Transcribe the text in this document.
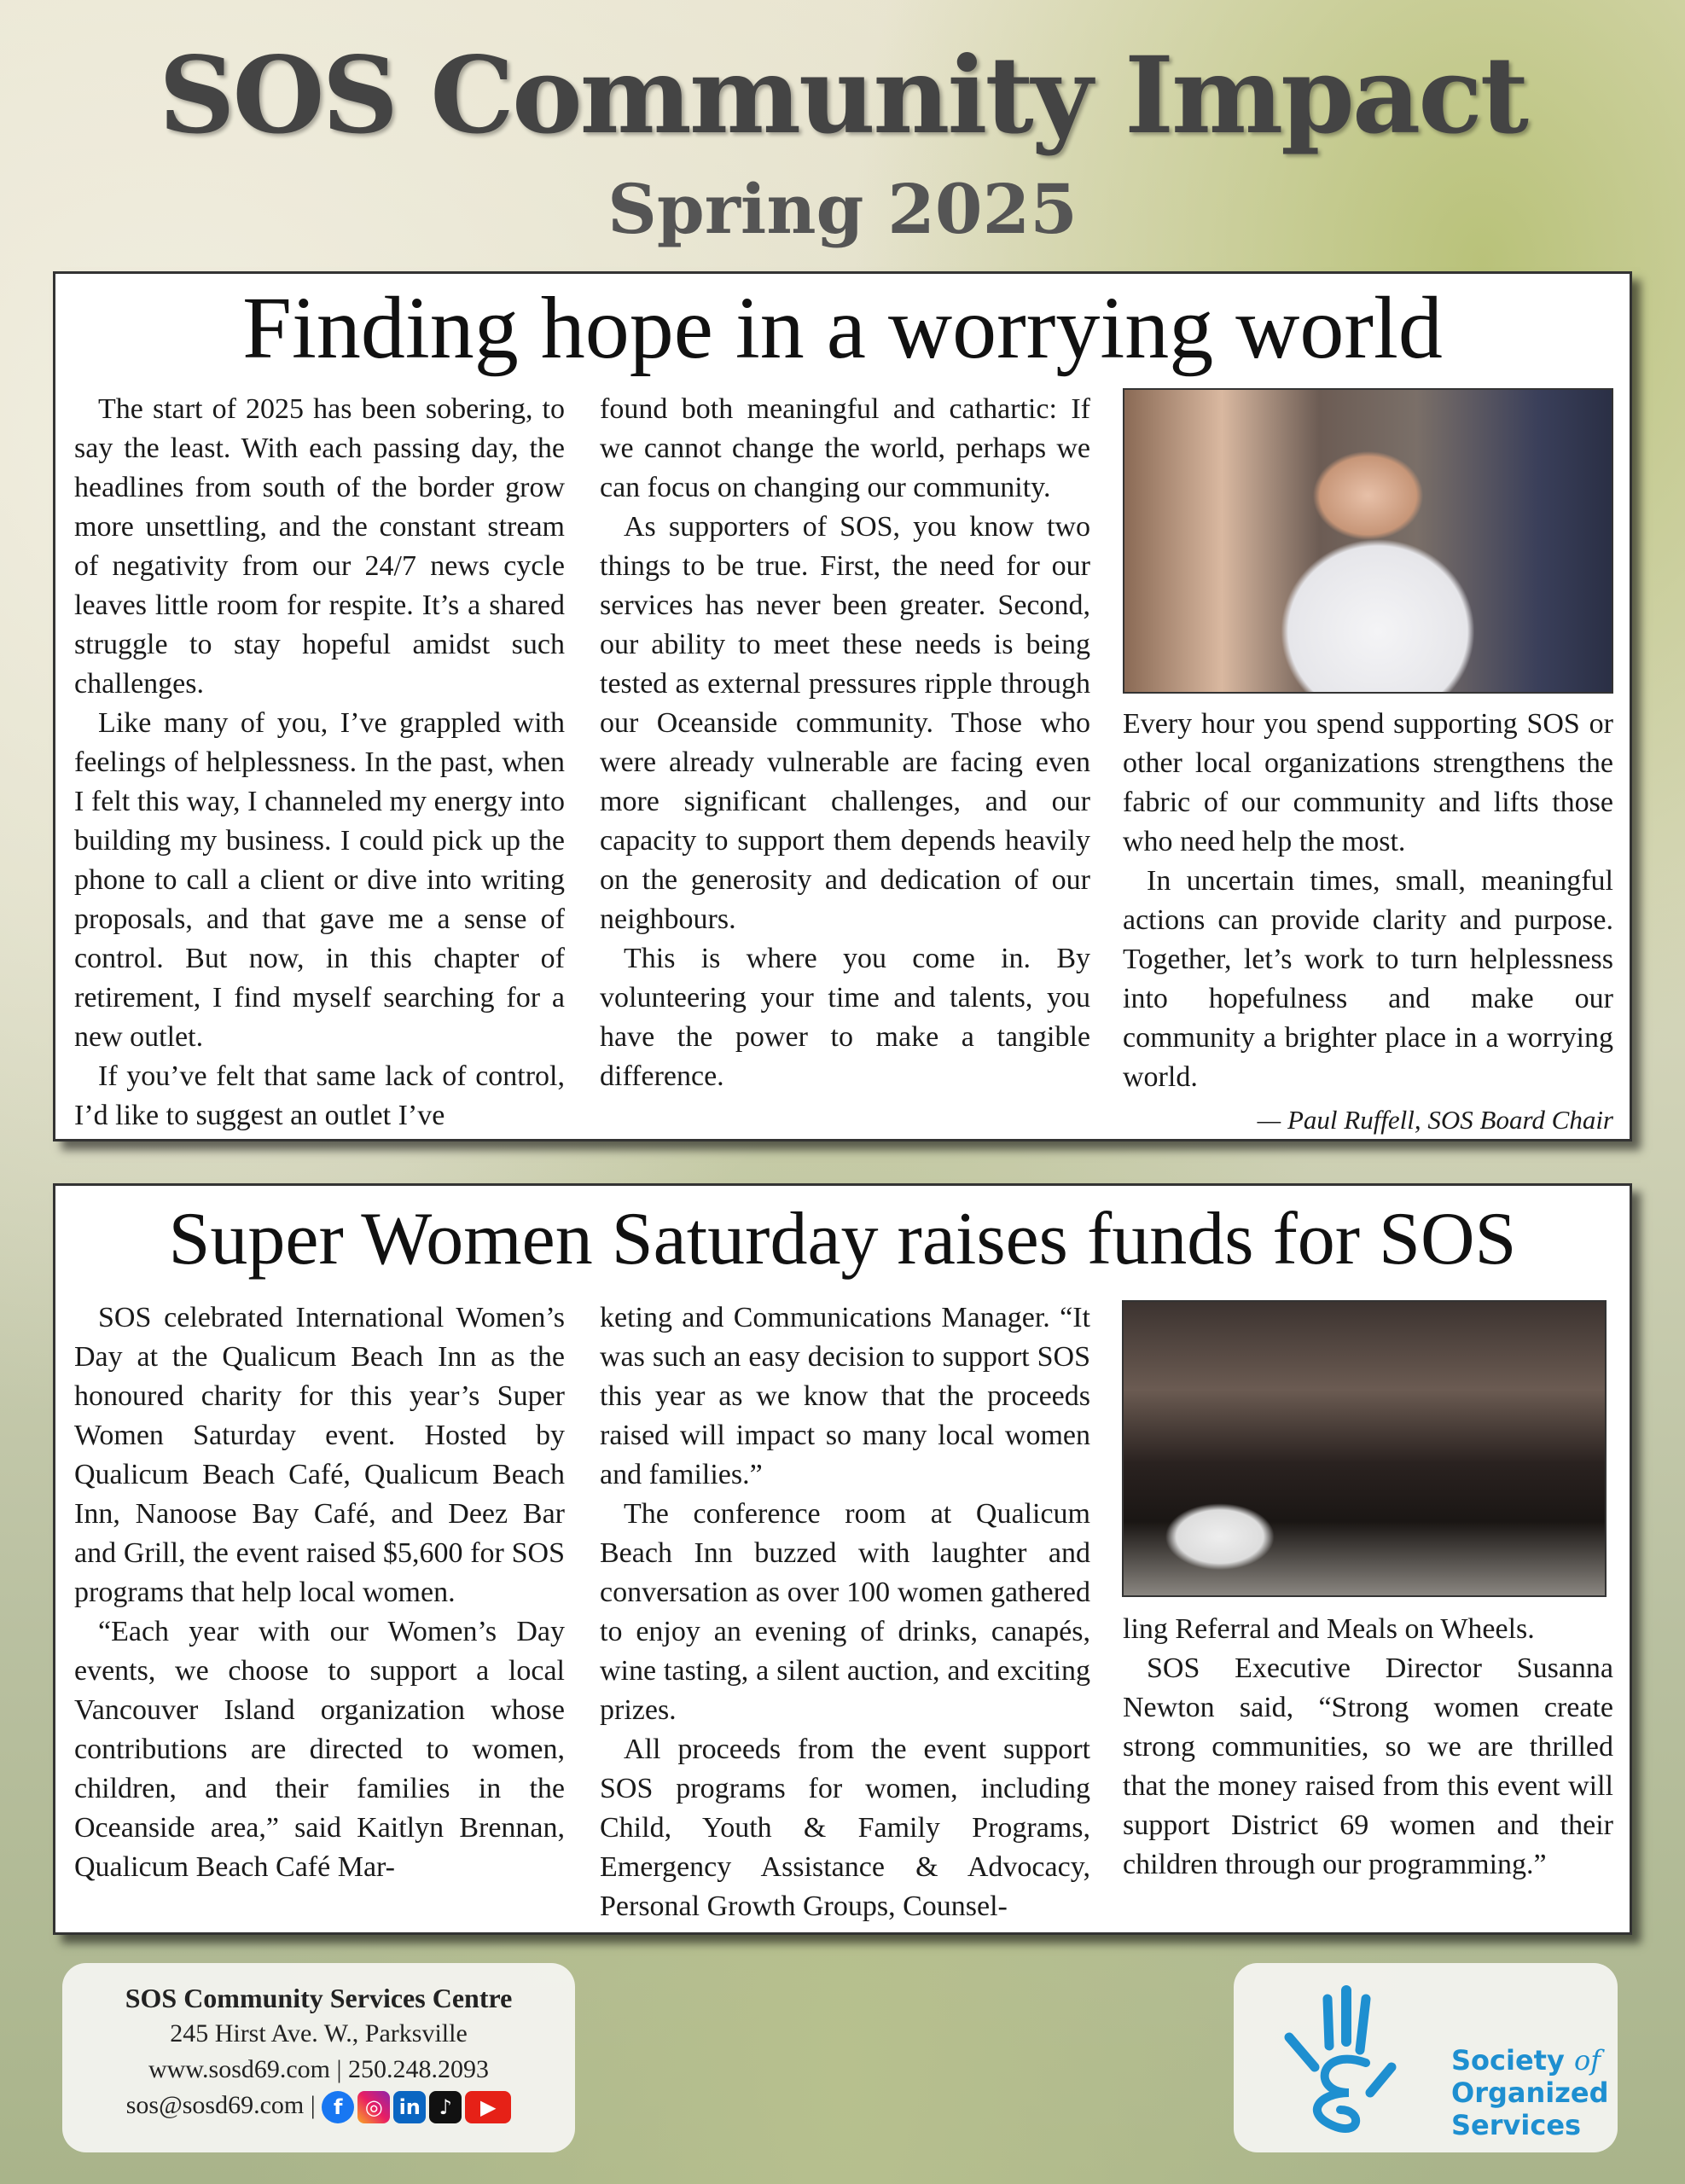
SOS Community Impact
Spring 2025
Finding hope in a worrying world

The start of 2025 has been sobering, to say the least. With each passing day, the headlines from south of the border grow more unsettling, and the constant stream of negativity from our 24/7 news cycle leaves little room for respite. It’s a shared struggle to stay hopeful amidst such challenges.

Like many of you, I’ve grappled with feelings of helplessness. In the past, when I felt this way, I channeled my energy into building my business. I could pick up the phone to call a client or dive into writing proposals, and that gave me a sense of control. But now, in this chapter of retirement, I find myself searching for a new outlet.

If you’ve felt that same lack of control, I’d like to suggest an outlet I’ve

found both meaningful and cathartic: If we cannot change the world, perhaps we can focus on changing our community.

As supporters of SOS, you know two things to be true. First, the need for our services has never been greater. Second, our ability to meet these needs is being tested as external pressures ripple through our Oceanside community. Those who were already vulnerable are facing even more significant challenges, and our capacity to support them depends heavily on the generosity and dedication of our neighbours.

This is where you come in. By volunteering your time and talents, you have the power to make a tangible difference.

Every hour you spend supporting SOS or other local organizations strengthens the fabric of our community and lifts those who need help the most.

In uncertain times, small, meaningful actions can provide clarity and purpose. Together, let’s work to turn helplessness into hopefulness and make our community a brighter place in a worrying world.

— Paul Ruffell, SOS Board Chair
Super Women Saturday raises funds for SOS

SOS celebrated International Women’s Day at the Qualicum Beach Inn as the honoured charity for this year’s Super Women Saturday event. Hosted by Qualicum Beach Café, Qualicum Beach Inn, Nanoose Bay Café, and Deez Bar and Grill, the event raised $5,600 for SOS programs that help local women.

“Each year with our Women’s Day events, we choose to support a local Vancouver Island organization whose contributions are directed to women, children, and their families in the Oceanside area,” said Kaitlyn Brennan, Qualicum Beach Café Mar-

keting and Communications Manager. “It was such an easy decision to support SOS this year as we know that the proceeds raised will impact so many local women and families.”

The conference room at Qualicum Beach Inn buzzed with laughter and conversation as over 100 women gathered to enjoy an evening of drinks, canapés, wine tasting, a silent auction, and exciting prizes.

All proceeds from the event support SOS programs for women, including Child, Youth & Family Programs, Emergency Assistance & Advocacy, Personal Growth Groups, Counsel-

ling Referral and Meals on Wheels.

SOS Executive Director Susanna Newton said, “Strong women create strong communities, so we are thrilled that the money raised from this event will support District 69 women and their children through our programming.”

SOS Community Services Centre
245 Hirst Ave. W., Parksville
www.sosd69.com | 250.248.2093
sos@sosd69.com | f	◎ in ♪	▶
Society of
Organized
Services
